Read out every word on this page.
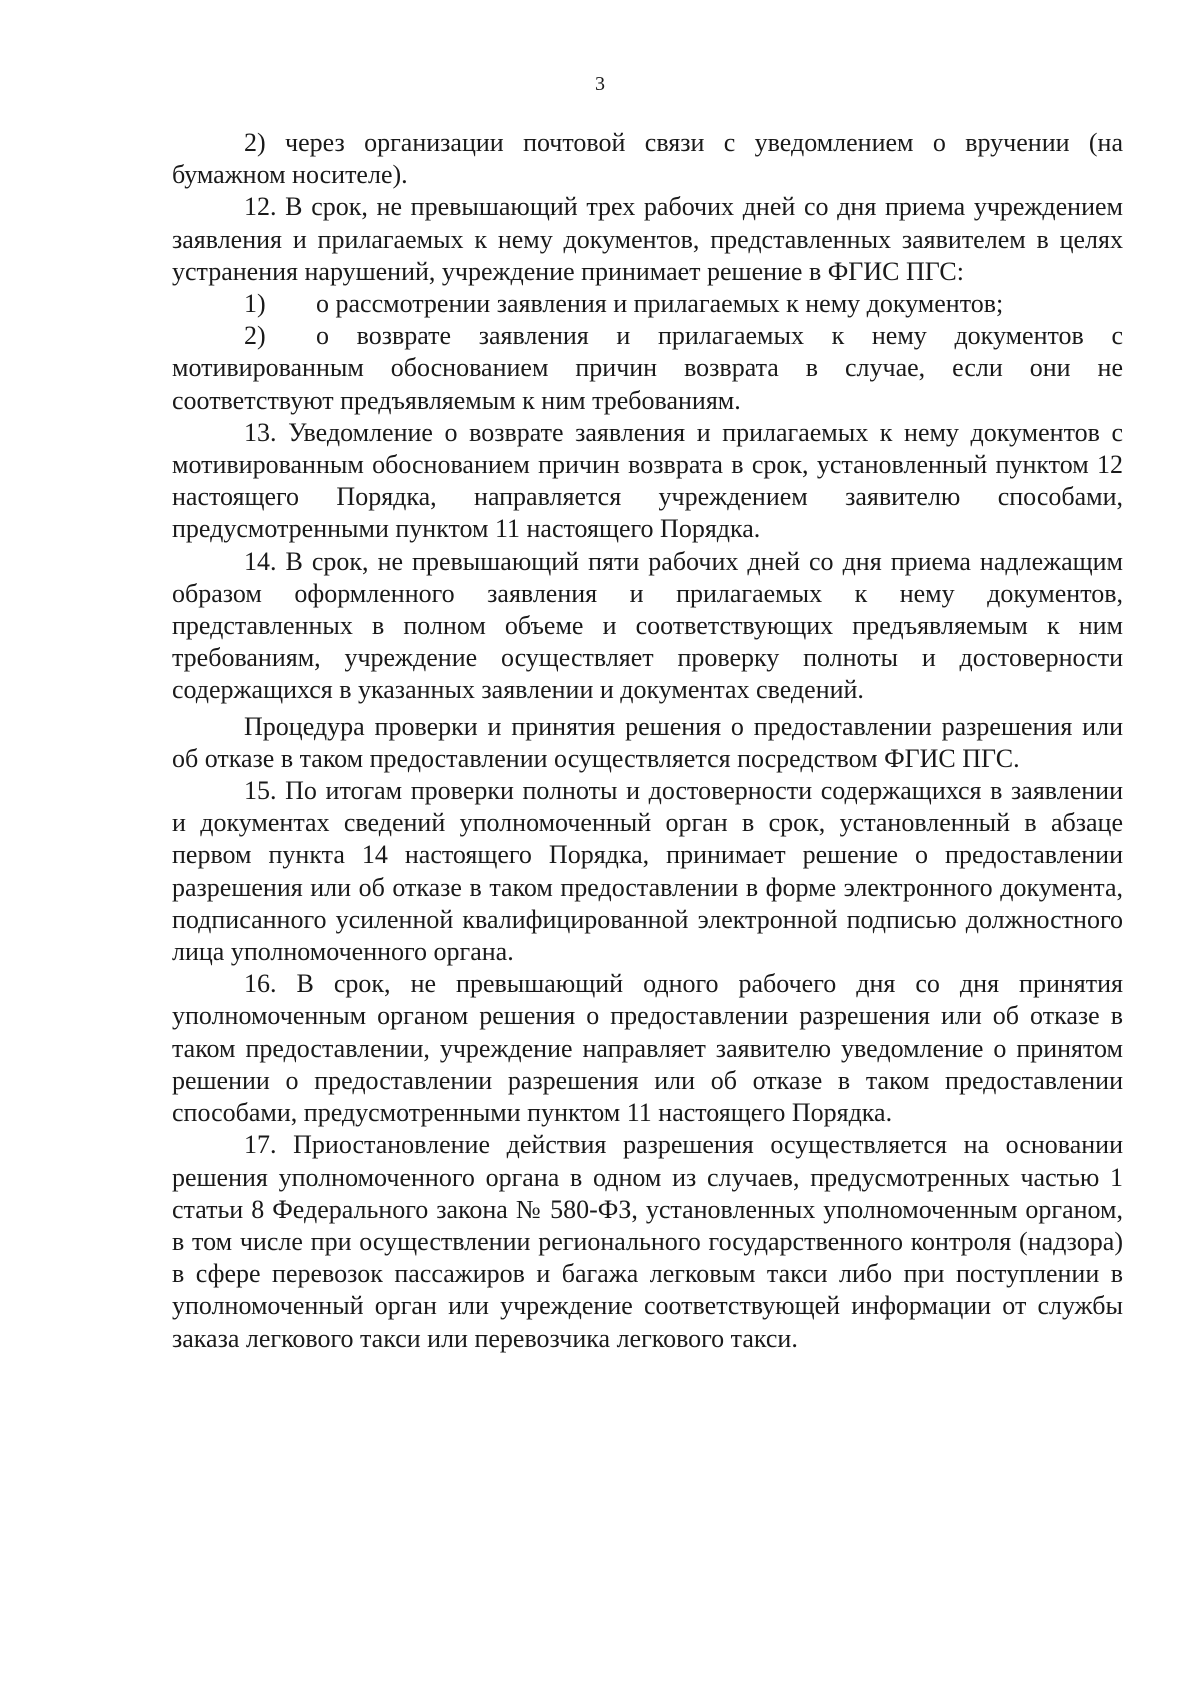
3

2) через организации почтовой связи с уведомлением о вручении (на бумажном носителе).

12. В срок, не превышающий трех рабочих дней со дня приема учреждением заявления и прилагаемых к нему документов, представленных заявителем в целях устранения нарушений, учреждение принимает решение в ФГИС ПГС:

1) о рассмотрении заявления и прилагаемых к нему документов;

2) о возврате заявления и прилагаемых к нему документов с мотивированным обоснованием причин возврата в случае, если они не соответствуют предъявляемым к ним требованиям.

13. Уведомление о возврате заявления и прилагаемых к нему документов с мотивированным обоснованием причин возврата в срок, установленный пунктом 12 настоящего Порядка, направляется учреждением заявителю способами, предусмотренными пунктом 11 настоящего Порядка.

14. В срок, не превышающий пяти рабочих дней со дня приема надлежащим образом оформленного заявления и прилагаемых к нему документов, представленных в полном объеме и соответствующих предъявляемым к ним требованиям, учреждение осуществляет проверку полноты и достоверности содержащихся в указанных заявлении и документах сведений.

Процедура проверки и принятия решения о предоставлении разрешения или об отказе в таком предоставлении осуществляется посредством ФГИС ПГС.

15. По итогам проверки полноты и достоверности содержащихся в заявлении и документах сведений уполномоченный орган в срок, установленный в абзаце первом пункта 14 настоящего Порядка, принимает решение о предоставлении разрешения или об отказе в таком предоставлении в форме электронного документа, подписанного усиленной квалифицированной электронной подписью должностного лица уполномоченного органа.

16. В срок, не превышающий одного рабочего дня со дня принятия уполномоченным органом решения о предоставлении разрешения или об отказе в таком предоставлении, учреждение направляет заявителю уведомление о принятом решении о предоставлении разрешения или об отказе в таком предоставлении способами, предусмотренными пунктом 11 настоящего Порядка.

17. Приостановление действия разрешения осуществляется на основании решения уполномоченного органа в одном из случаев, предусмотренных частью 1 статьи 8 Федерального закона № 580-ФЗ, установленных уполномоченным органом, в том числе при осуществлении регионального государственного контроля (надзора) в сфере перевозок пассажиров и багажа легковым такси либо при поступлении в уполномоченный орган или учреждение соответствующей информации от службы заказа легкового такси или перевозчика легкового такси.
